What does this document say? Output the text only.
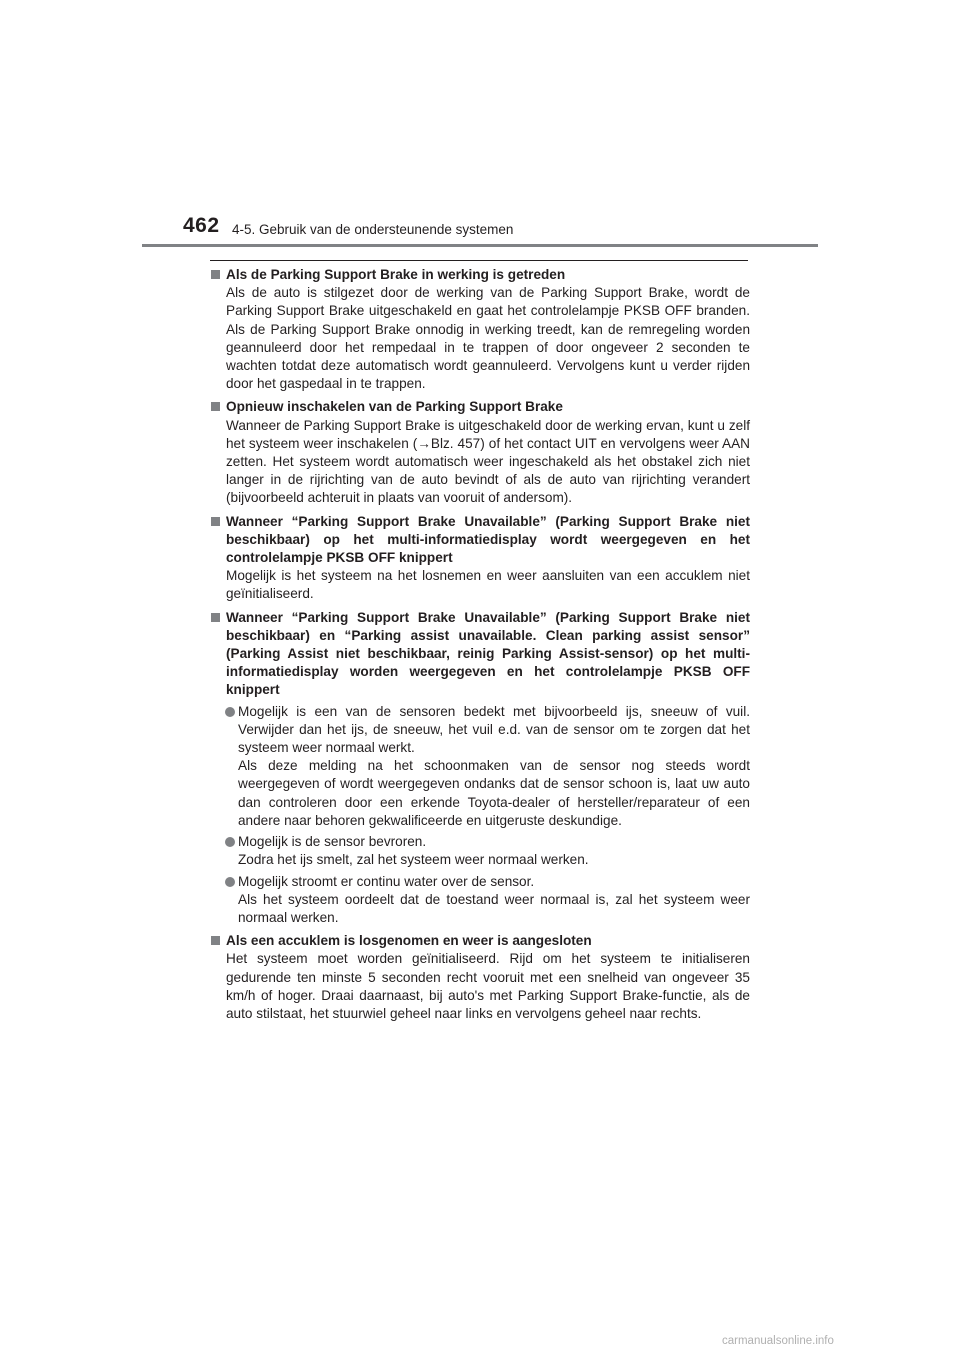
462 4-5. Gebruik van de ondersteunende systemen
Als de Parking Support Brake in werking is getreden
Als de auto is stilgezet door de werking van de Parking Support Brake, wordt de Parking Support Brake uitgeschakeld en gaat het controlelampje PKSB OFF branden. Als de Parking Support Brake onnodig in werking treedt, kan de remregeling worden geannuleerd door het rempedaal in te trappen of door ongeveer 2 seconden te wachten totdat deze automatisch wordt geannuleerd. Vervolgens kunt u verder rijden door het gaspedaal in te trappen.
Opnieuw inschakelen van de Parking Support Brake
Wanneer de Parking Support Brake is uitgeschakeld door de werking ervan, kunt u zelf het systeem weer inschakelen (→Blz. 457) of het contact UIT en vervolgens weer AAN zetten. Het systeem wordt automatisch weer ingeschakeld als het obstakel zich niet langer in de rijrichting van de auto bevindt of als de auto van rijrichting verandert (bijvoorbeeld achteruit in plaats van vooruit of andersom).
Wanneer “Parking Support Brake Unavailable” (Parking Support Brake niet beschikbaar) op het multi-informatiedisplay wordt weergegeven en het controlelampje PKSB OFF knippert
Mogelijk is het systeem na het losnemen en weer aansluiten van een accuklem niet geïnitialiseerd.
Wanneer “Parking Support Brake Unavailable” (Parking Support Brake niet beschikbaar) en “Parking assist unavailable. Clean parking assist sensor” (Parking Assist niet beschikbaar, reinig Parking Assist-sensor) op het multi-informatiedisplay worden weergegeven en het controlelampje PKSB OFF knippert
Mogelijk is een van de sensoren bedekt met bijvoorbeeld ijs, sneeuw of vuil. Verwijder dan het ijs, de sneeuw, het vuil e.d. van de sensor om te zorgen dat het systeem weer normaal werkt.
Als deze melding na het schoonmaken van de sensor nog steeds wordt weergegeven of wordt weergegeven ondanks dat de sensor schoon is, laat uw auto dan controleren door een erkende Toyota-dealer of hersteller/reparateur of een andere naar behoren gekwalificeerde en uitgeruste deskundige.
Mogelijk is de sensor bevroren.
Zodra het ijs smelt, zal het systeem weer normaal werken.
Mogelijk stroomt er continu water over de sensor.
Als het systeem oordeelt dat de toestand weer normaal is, zal het systeem weer normaal werken.
Als een accuklem is losgenomen en weer is aangesloten
Het systeem moet worden geïnitialiseerd. Rijd om het systeem te initialiseren gedurende ten minste 5 seconden recht vooruit met een snelheid van ongeveer 35 km/h of hoger. Draai daarnaast, bij auto's met Parking Support Brake-functie, als de auto stilstaat, het stuurwiel geheel naar links en vervolgens geheel naar rechts.
carmanualsonline.info
